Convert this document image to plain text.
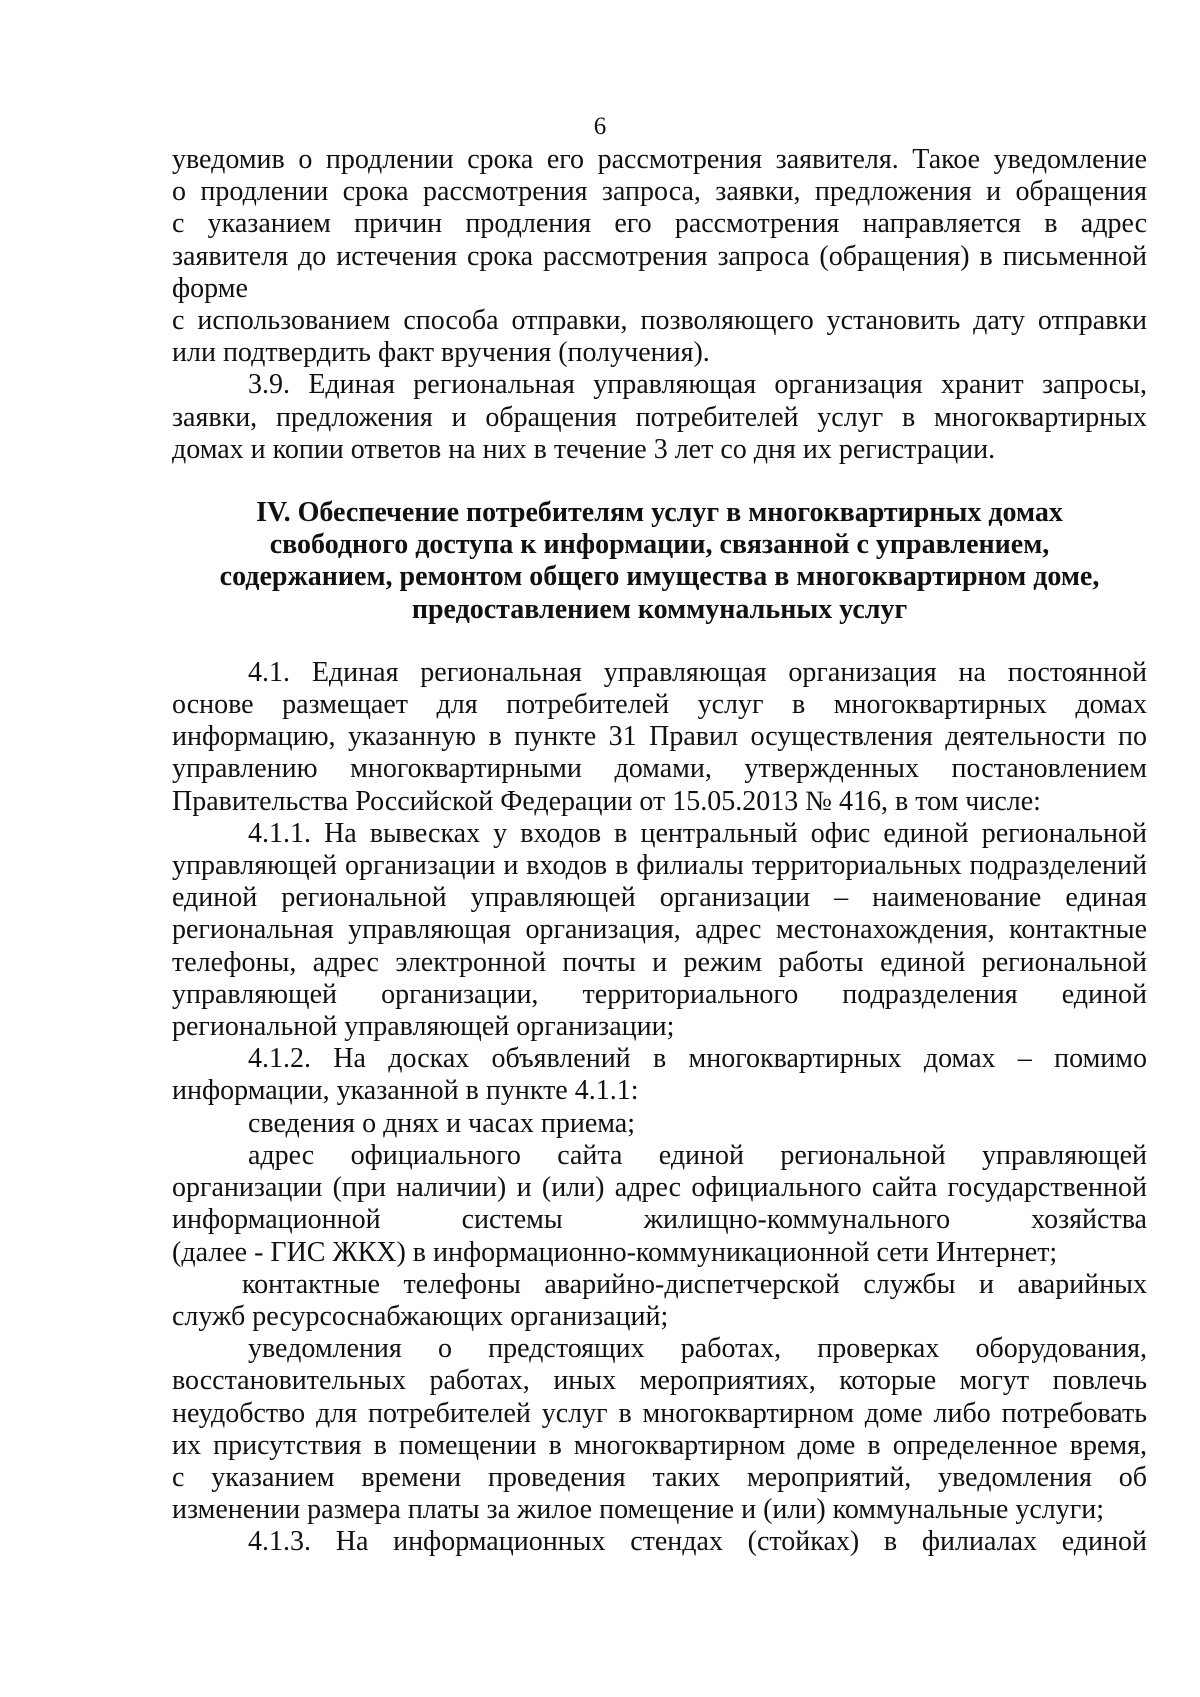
6

уведомив о продлении срока его рассмотрения заявителя. Такое уведомление
о продлении срока рассмотрения запроса, заявки, предложения и обращения
с указанием причин продления его рассмотрения направляется в адрес
заявителя до истечения срока рассмотрения запроса (обращения) в письменной
форме

с использованием способа отправки, позволяющего установить дату отправки
или подтвердить факт вручения (получения).

3.9. Единая региональная управляющая организация хранит запросы,
заявки, предложения и обращения потребителей услуг в многоквартирных
домах и копии ответов на них в течение 3 лет со дня их регистрации.

IV. Обеспечение потребителям услуг в многоквартирных домах
свободного доступа к информации, связанной с управлением,
содержанием, ремонтом общего имущества в многоквартирном доме,
предоставлением коммунальных услуг

4.1. Единая региональная управляющая организация на постоянной
основе размещает для потребителей услуг в многоквартирных домах
информацию, указанную в пункте 31 Правил осуществления деятельности по
управлению многоквартирными домами, утвержденных постановлением
Правительства Российской Федерации от 15.05.2013 № 416, в том числе:

4.1.1. На вывесках у входов в центральный офис единой региональной
управляющей организации и входов в филиалы территориальных подразделений
единой региональной управляющей организации – наименование единая
региональная управляющая организация, адрес местонахождения, контактные
телефоны, адрес электронной почты и режим работы единой региональной
управляющей организации, территориального подразделения единой
региональной управляющей организации;

4.1.2. На досках объявлений в многоквартирных домах – помимо
информации, указанной в пункте 4.1.1:

сведения о днях и часах приема;

адрес официального сайта единой региональной управляющей
организации (при наличии) и (или) адрес официального сайта государственной
информационной системы жилищно-коммунального хозяйства
(далее - ГИС ЖКХ) в информационно-коммуникационной сети Интернет;

контактные телефоны аварийно-диспетчерской службы и аварийных
служб ресурсоснабжающих организаций;

уведомления о предстоящих работах, проверках оборудования,
восстановительных работах, иных мероприятиях, которые могут повлечь
неудобство для потребителей услуг в многоквартирном доме либо потребовать
их присутствия в помещении в многоквартирном доме в определенное время,
с указанием времени проведения таких мероприятий, уведомления об
изменении размера платы за жилое помещение и (или) коммунальные услуги;

4.1.3. На информационных стендах (стойках) в филиалах единой
